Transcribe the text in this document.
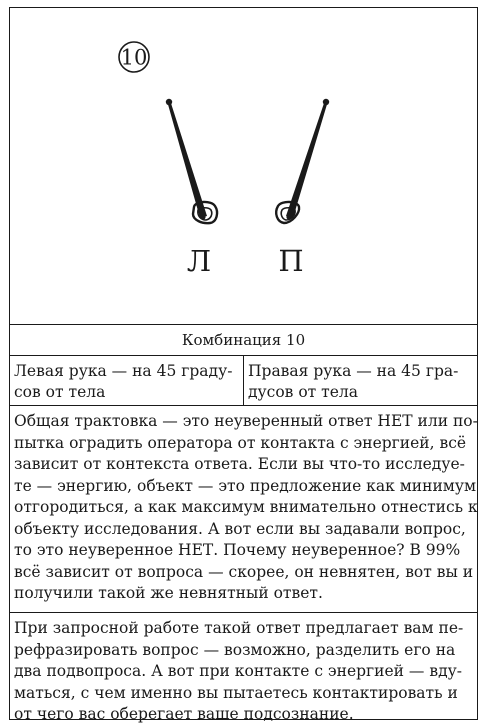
10
Л П
Комбинация 10
Левая рука — на 45 граду-
сов от тела
Правая рука — на 45 гра-
дусов от тела
Общая трактовка — это неуверенный ответ НЕТ или по-
пытка оградить оператора от контакта с энергией, всё
зависит от контекста ответа. Если вы что-то исследуе-
те — энергию, объект — это предложение как минимум
отгородиться, а как максимум внимательно отнестись к
объекту исследования. А вот если вы задавали вопрос,
то это неуверенное НЕТ. Почему неуверенное? В 99%
всё зависит от вопроса — скорее, он невнятен, вот вы и
получили такой же невнятный ответ.
При запросной работе такой ответ предлагает вам пе-
рефразировать вопрос — возможно, разделить его на
два подвопроса. А вот при контакте с энергией — вду-
маться, с чем именно вы пытаетесь контактировать и
от чего вас оберегает ваше подсознание.
